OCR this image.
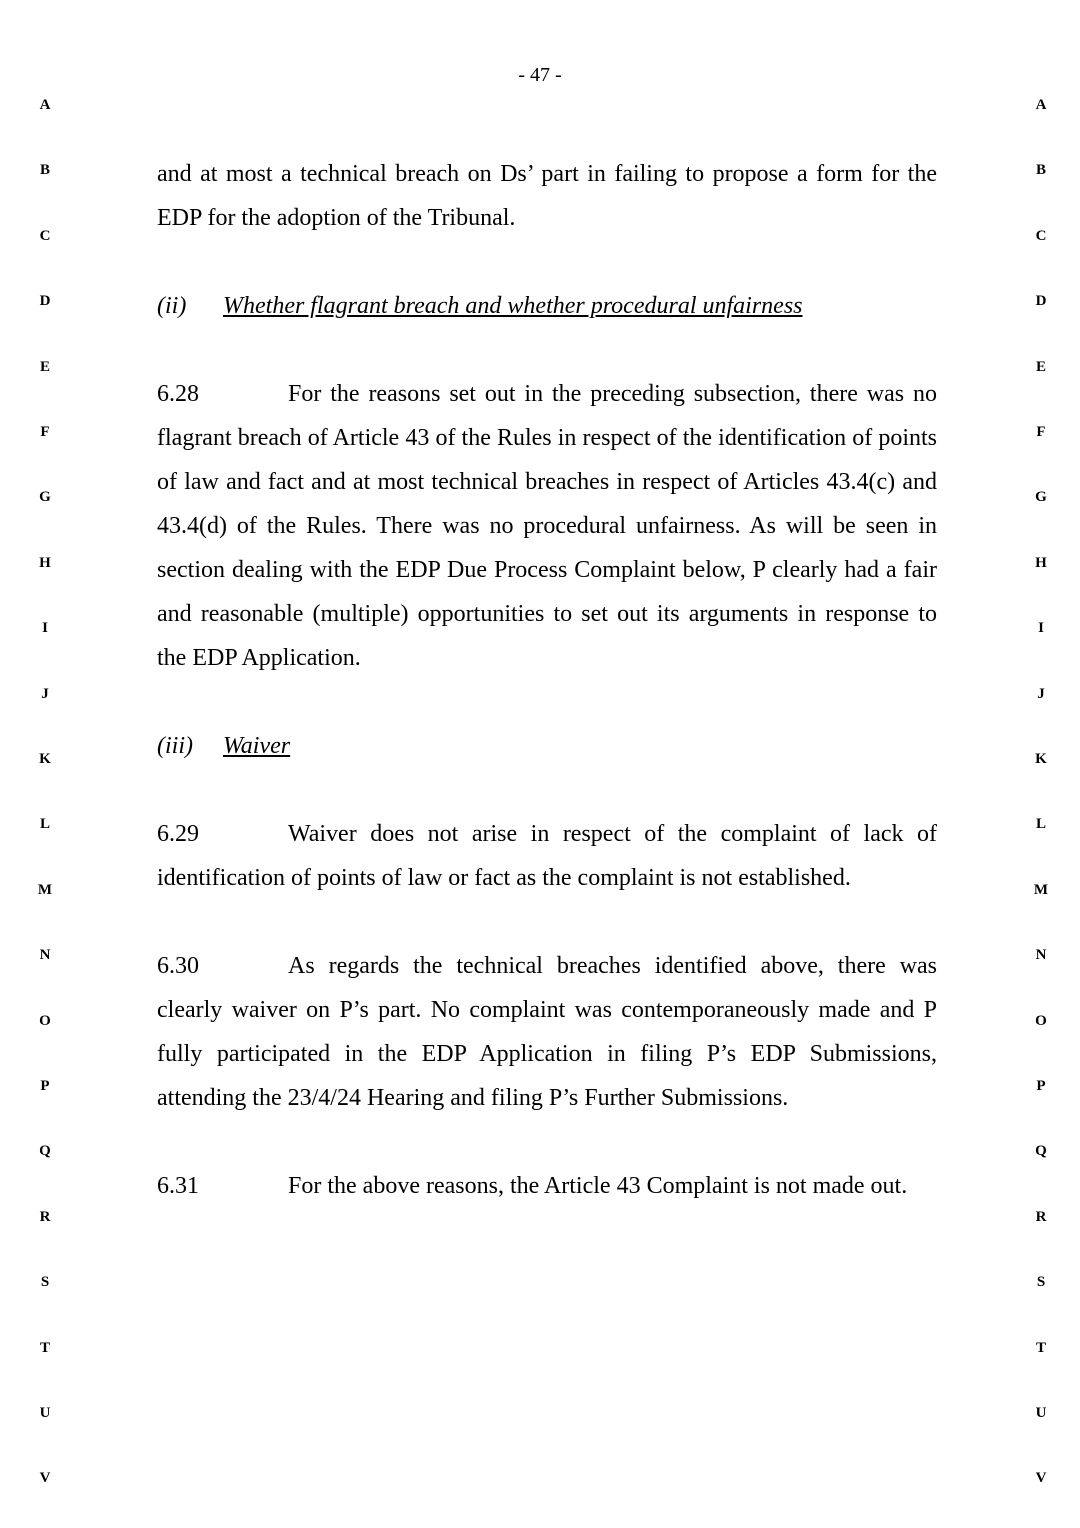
- 47 -
A
B
C
D
E
F
G
H
I
J
K
L
M
N
O
P
Q
R
S
T
U
V
A
B
C
D
E
F
G
H
I
J
K
L
M
N
O
P
Q
R
S
T
U
V

and at most a technical breach on Ds’ part in failing to propose a form for the EDP for the adoption of the Tribunal.

(ii) Whether flagrant breach and whether procedural unfairness

6.28	For the reasons set out in the preceding subsection, there was no flagrant breach of Article 43 of the Rules in respect of the identification of points of law and fact and at most technical breaches in respect of Articles 43.4(c) and 43.4(d) of the Rules. There was no procedural unfairness. As will be seen in section dealing with the EDP Due Process Complaint below, P clearly had a fair and reasonable (multiple) opportunities to set out its arguments in response to the EDP Application.

(iii) Waiver

6.29	Waiver does not arise in respect of the complaint of lack of identification of points of law or fact as the complaint is not established.

6.30	As regards the technical breaches identified above, there was clearly waiver on P’s part. No complaint was contemporaneously made and P fully participated in the EDP Application in filing P’s EDP Submissions, attending the 23/4/24 Hearing and filing P’s Further Submissions.

6.31	For the above reasons, the Article 43 Complaint is not made out.
